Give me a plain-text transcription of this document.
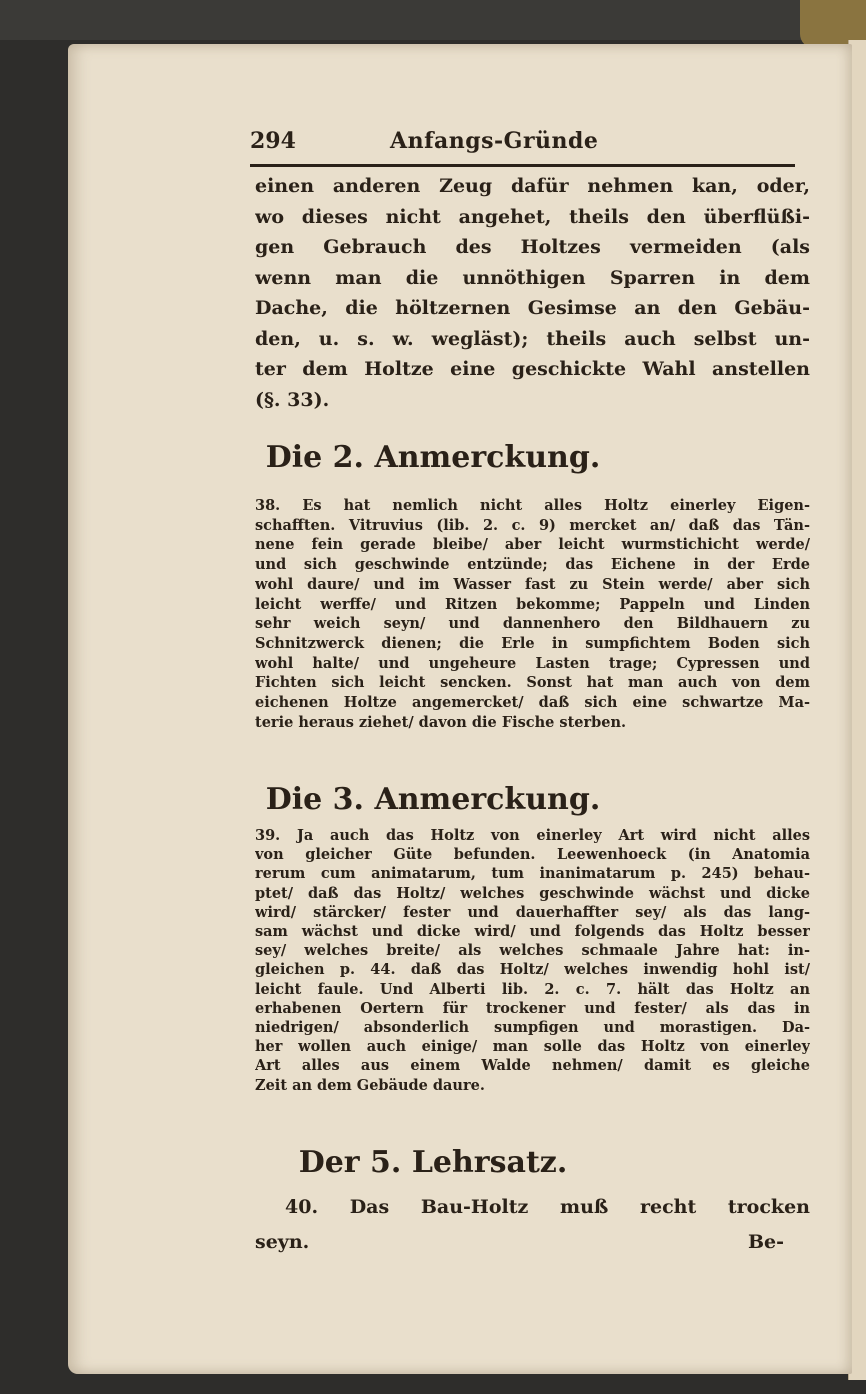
294	Anfangs-Gründe
einen anderen Zeug dafür nehmen kan, oder,
wo dieses nicht angehet, theils den überflüßi-
gen Gebrauch des Holtzes vermeiden (als
wenn man die unnöthigen Sparren in dem
Dache, die höltzernen Gesimse an den Gebäu-
den, u. s. w. wegläst); theils auch selbst un-
ter dem Holtze eine geschickte Wahl anstellen
(§. 33).
Die 2. Anmerckung.
38. Es hat nemlich nicht alles Holtz einerley Eigen-
schafften. Vitruvius (lib. 2. c. 9) mercket an/ daß das Tän-
nene fein gerade bleibe/ aber leicht wurmstichicht werde/
und sich geschwinde entzünde; das Eichene in der Erde
wohl daure/ und im Wasser fast zu Stein werde/ aber sich
leicht werffe/ und Ritzen bekomme; Pappeln und Linden
sehr weich seyn/ und dannenhero den Bildhauern zu
Schnitzwerck dienen; die Erle in sumpfichtem Boden sich
wohl halte/ und ungeheure Lasten trage; Cypressen und
Fichten sich leicht sencken. Sonst hat man auch von dem
eichenen Holtze angemercket/ daß sich eine schwartze Ma-
terie heraus ziehet/ davon die Fische sterben.
Die 3. Anmerckung.
39. Ja auch das Holtz von einerley Art wird nicht alles
von gleicher Güte befunden. Leewenhoeck (in Anatomia
rerum cum animatarum, tum inanimatarum p. 245) behau-
ptet/ daß das Holtz/ welches geschwinde wächst und dicke
wird/ stärcker/ fester und dauerhaffter sey/ als das lang-
sam wächst und dicke wird/ und folgends das Holtz besser
sey/ welches breite/ als welches schmaale Jahre hat: in-
gleichen p. 44. daß das Holtz/ welches inwendig hohl ist/
leicht faule. Und Alberti lib. 2. c. 7. hält das Holtz an
erhabenen Oertern für trockener und fester/ als das in
niedrigen/ absonderlich sumpfigen und morastigen. Da-
her wollen auch einige/ man solle das Holtz von einerley
Art alles aus einem Walde nehmen/ damit es gleiche
Zeit an dem Gebäude daure.
Der 5. Lehrsatz.
40. Das Bau-Holtz muß recht trocken
seyn.	Be-
